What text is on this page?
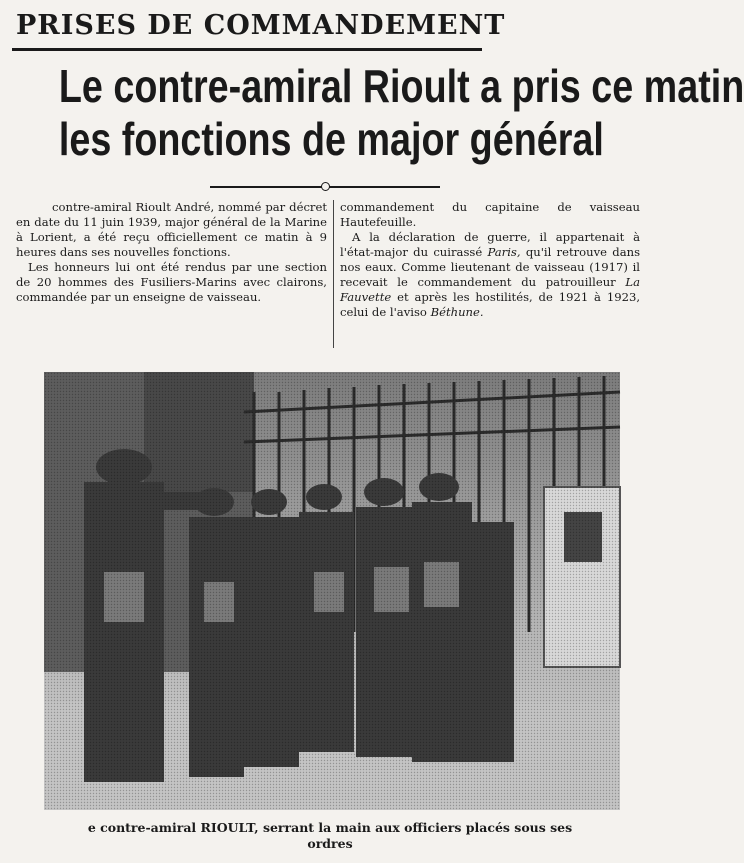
PRISES DE COMMANDEMENT
Le contre-amiral Rioult a pris ce matin
les fonctions de major général

contre-amiral Rioult André, nommé par décret en date du 11 juin 1939, major général de la Marine à Lorient, a été reçu officiellement ce matin à 9 heures dans ses nouvelles fonctions.

Les honneurs lui ont été rendus par une section de 20 hommes des Fusiliers-Marins avec clairons, commandée par un enseigne de vaisseau.

commandement du capitaine de vaisseau Hautefeuille.

A la déclaration de guerre, il appartenait à l'état-major du cuirassé Paris, qu'il retrouve dans nos eaux. Comme lieutenant de vaisseau (1917) il recevait le commandement du patrouilleur La Fauvette et après les hostilités, de 1921 à 1923, celui de l'aviso Béthune.

e contre-amiral RIOULT, serrant la main aux officiers placés sous ses
ordres
